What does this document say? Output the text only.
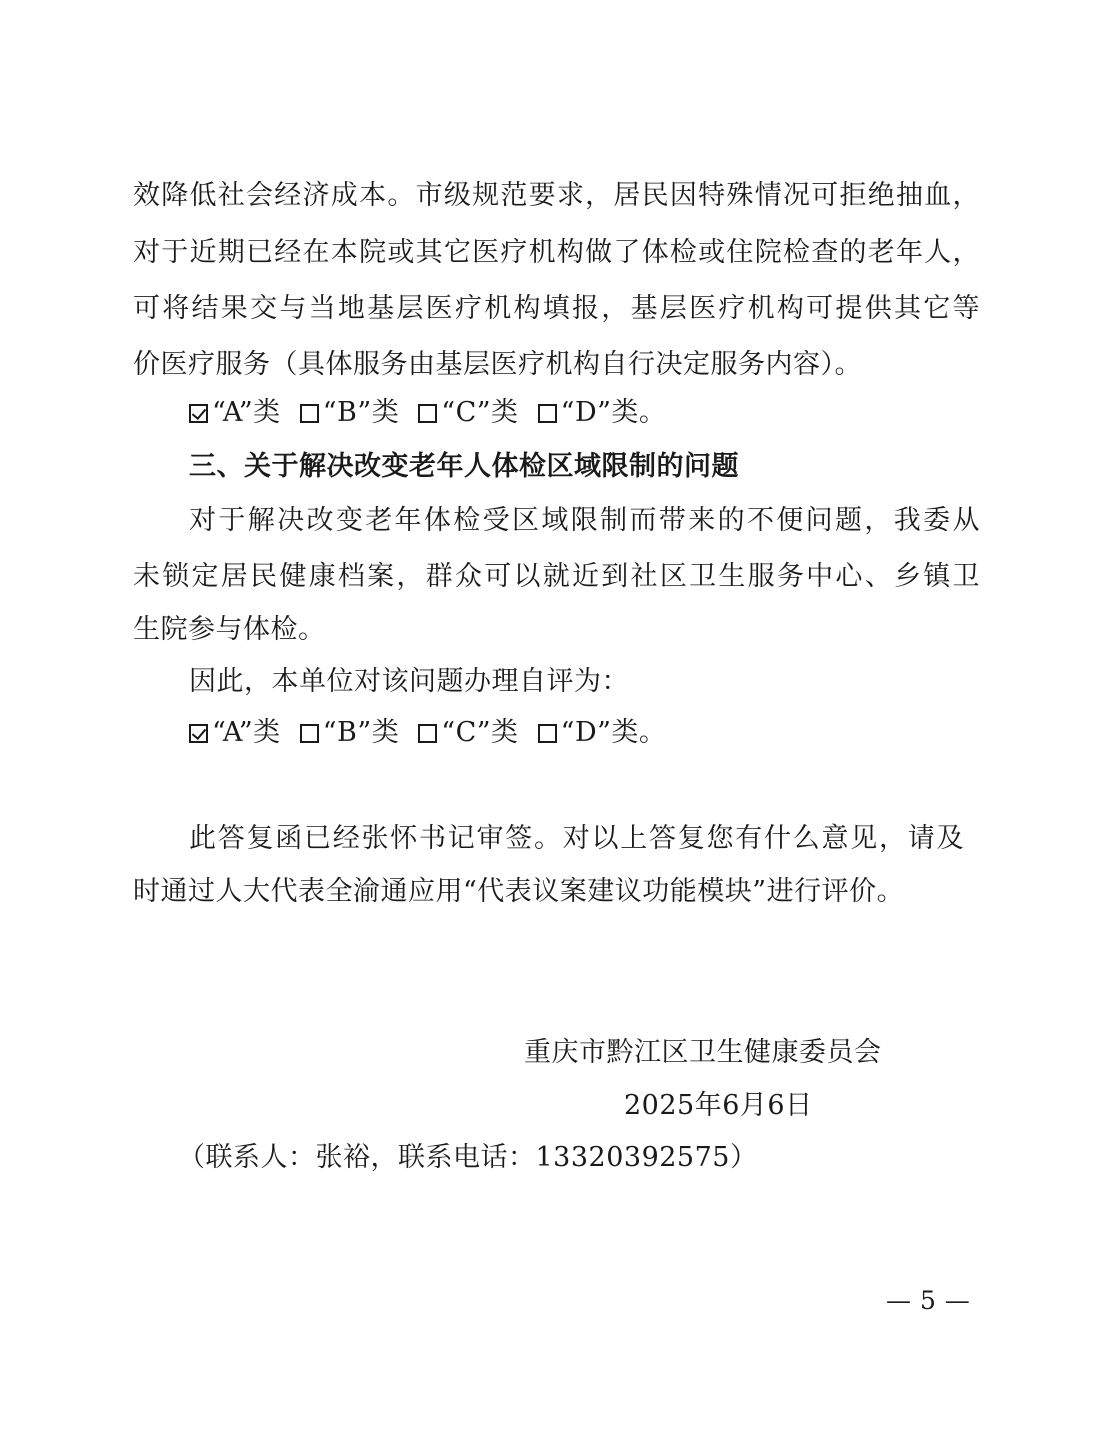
效降低社会经济成本。市级规范要求，居民因特殊情况可拒绝抽血，
对于近期已经在本院或其它医疗机构做了体检或住院检查的老年人，
可将结果交与当地基层医疗机构填报，基层医疗机构可提供其它等
价医疗服务（具体服务由基层医疗机构自行决定服务内容）。
“A”类 “B”类 “C”类 “D”类。
三、关于解决改变老年人体检区域限制的问题
对于解决改变老年体检受区域限制而带来的不便问题，我委从
未锁定居民健康档案，群众可以就近到社区卫生服务中心、乡镇卫
生院参与体检。
因此，本单位对该问题办理自评为：
“A”类 “B”类 “C”类 “D”类。
此答复函已经张怀书记审签。对以上答复您有什么意见，请及
时通过人大代表全渝通应用“代表议案建议功能模块”进行评价。
重庆市黔江区卫生健康委员会
2025年6月6日
（联系人：张裕，联系电话：13320392575）
— 5 —
